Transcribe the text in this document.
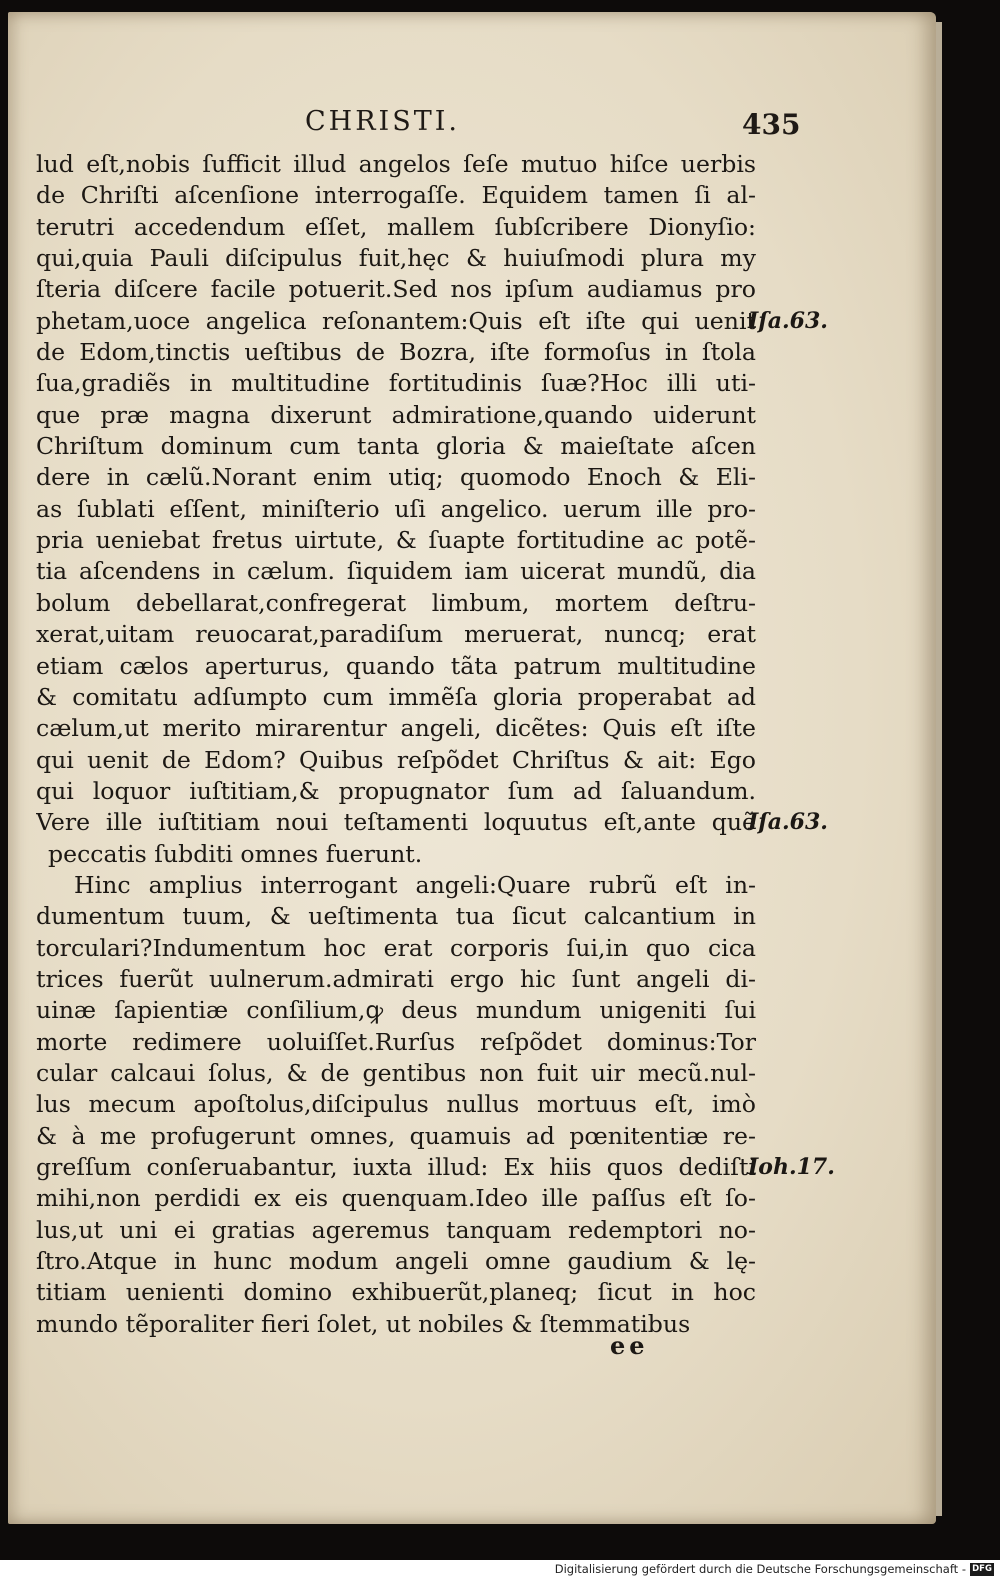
CHRISTI.	435
lud eſt,nobis ſufficit illud angelos ſeſe mutuo hiſce uerbis
de Chriſti aſcenſione interrogaſſe. Equidem tamen ſi al-
terutri accedendum eſſet, mallem ſubſcribere Dionyſio:
qui,quia Pauli diſcipulus fuit,hęc & huiuſmodi plura my
ſteria diſcere facile potuerit.Sed nos ipſum audiamus pro
phetam,uoce angelica reſonantem:Quis eſt iſte qui uenit
de Edom,tinctis ueſtibus de Bozra, iſte formoſus in ſtola
ſua,gradiẽs in multitudine fortitudinis ſuæ?Hoc illi uti-
que præ magna dixerunt admiratione,quando uiderunt
Chriſtum dominum cum tanta gloria & maieſtate aſcen
dere in cælũ.Norant enim utiq; quomodo Enoch & Eli-
as ſublati eſſent, miniſterio uſi angelico. uerum ille pro-
pria ueniebat fretus uirtute, & ſuapte fortitudine ac potẽ-
tia aſcendens in cælum. ſiquidem iam uicerat mundũ, dia
bolum debellarat,confregerat limbum, mortem deſtru-
xerat,uitam reuocarat,paradiſum meruerat, nuncq; erat
etiam cælos aperturus, quando tãta patrum multitudine
& comitatu adſumpto cum immẽſa gloria properabat ad
cælum,ut merito mirarentur angeli, dicẽtes: Quis eſt iſte
qui uenit de Edom? Quibus reſpõdet Chriſtus & ait: Ego
qui loquor iuſtitiam,& propugnator ſum ad ſaluandum.
Vere ille iuſtitiam noui teſtamenti loquutus eſt,ante quẽ
peccatis ſubditi omnes fuerunt.
Hinc amplius interrogant angeli:Quare rubrũ eſt in-
dumentum tuum, & ueſtimenta tua ſicut calcantium in
torculari?Indumentum hoc erat corporis ſui,in quo cica
trices fuerũt uulnerum.admirati ergo hic ſunt angeli di-
uinæ ſapientiæ conſilium,ꝙ deus mundum unigeniti ſui
morte redimere uoluiſſet.Rurſus reſpõdet dominus:Tor
cular calcaui ſolus, & de gentibus non fuit uir mecũ.nul-
lus mecum apoſtolus,diſcipulus nullus mortuus eſt, imò
& à me profugerunt omnes, quamuis ad pœnitentiæ re-
greſſum conſeruabantur, iuxta illud: Ex hiis quos dediſti
mihi,non perdidi ex eis quenquam.Ideo ille paſſus eſt ſo-
lus,ut uni ei gratias ageremus tanquam redemptori no-
ſtro.Atque in hunc modum angeli omne gaudium & lę-
titiam uenienti domino exhibuerũt,planeq; ſicut in hoc
mundo tẽporaliter fieri ſolet, ut nobiles & ſtemmatibus
Iſa.63.
Iſa.63.
Ioh.17.
ee
Digitalisierung gefördert durch die Deutsche Forschungsgemeinschaft - DFG
